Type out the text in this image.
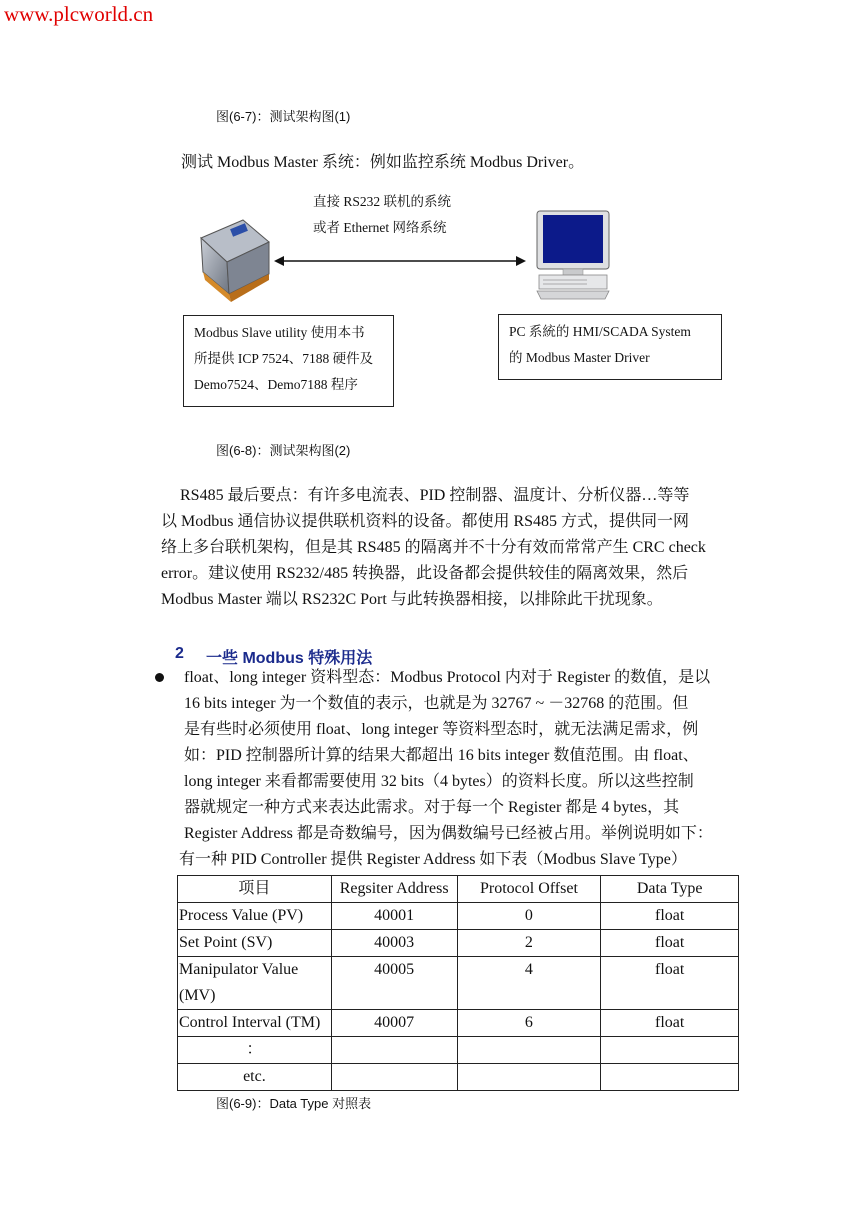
www.plcworld.cn
图(6-7)：测试架构图(1)
测试 Modbus Master 系统：例如监控系统 Modbus Driver。
直接 RS232 联机的系统
或者 Ethernet 网络系统
Modbus Slave utility 使用本书
所提供 ICP 7524、7188 硬件及
Demo7524、Demo7188 程序
PC 系統的 HMI/SCADA System
的 Modbus Master Driver
图(6-8)：测试架构图(2)
RS485 最后要点：有许多电流表、PID 控制器、温度计、分析仪器…等等
以 Modbus 通信协议提供联机资料的设备。都使用 RS485 方式，提供同一网
络上多台联机架构，但是其 RS485 的隔离并不十分有效而常常产生 CRC check
error。建议使用 RS232/485 转换器，此设备都会提供较佳的隔离效果，然后
Modbus Master 端以 RS232C Port 与此转换器相接，以排除此干扰现象。
2 一些 Modbus 特殊用法
float、long integer 资料型态：Modbus Protocol 内对于 Register 的数值，是以
16 bits integer 为一个数值的表示，也就是为 32767 ~ －32768 的范围。但
是有些时必须使用 float、long integer 等资料型态时，就无法满足需求，例
如：PID 控制器所计算的结果大都超出 16 bits integer 数值范围。由 float、
long integer 来看都需要使用 32 bits（4 bytes）的资料长度。所以这些控制
器就规定一种方式来表达此需求。对于每一个 Register 都是 4 bytes，其
Register Address 都是奇数编号，因为偶数编号已经被占用。举例说明如下：
有一种 PID Controller 提供 Register Address 如下表（Modbus Slave Type）
项目	Regsiter Address	Protocol Offset	Data Type
Process Value (PV)	40001	0	float
Set Point (SV)	40003	2	float
Manipulator Value (MV)	40005	4	float
Control Interval (TM)	40007	6	float
：			
etc.			
图(6-9)：Data Type 对照表
